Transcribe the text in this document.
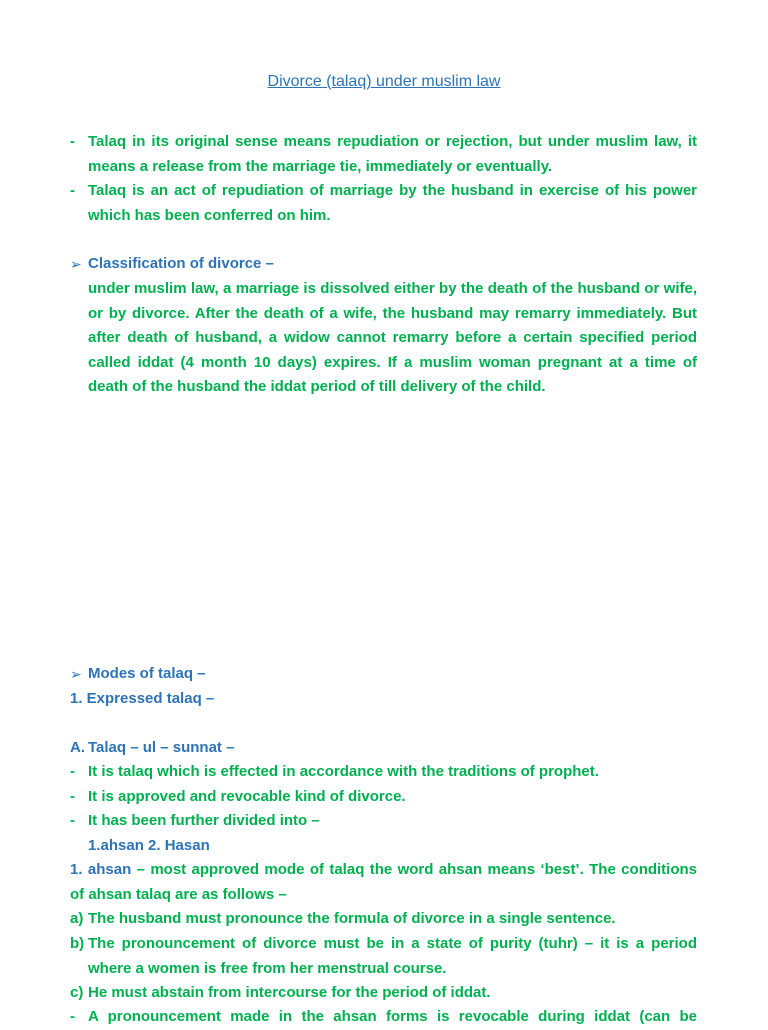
Divorce (talaq) under muslim law
- Talaq in its original sense means repudiation or rejection, but under muslim law, it means a release from the marriage tie, immediately or eventually.
- Talaq is an act of repudiation of marriage by the husband in exercise of his power which has been conferred on him.
➢ Classification of divorce –
under muslim law, a marriage is dissolved either by the death of the husband or wife, or by divorce. After the death of a wife, the husband may remarry immediately. But after death of husband, a widow cannot remarry before a certain specified period called iddat (4 month 10 days) expires. If a muslim woman pregnant at a time of death of the husband the iddat period of till delivery of the child.
➢ Modes of talaq –
1. Expressed talaq –
A. Talaq – ul – sunnat –
- It is talaq which is effected in accordance with the traditions of prophet.
- It is approved and revocable kind of divorce.
- It has been further divided into –
1.ahsan 2. Hasan
1. ahsan – most approved mode of talaq the word ahsan means ‘best’. The conditions of ahsan talaq are as follows –
a) The husband must pronounce the formula of divorce in a single sentence.
b) The pronouncement of divorce must be in a state of purity (tuhr) – it is a period where a women is free from her menstrual course.
c) He must abstain from intercourse for the period of iddat.
- A pronouncement made in the ahsan forms is revocable during iddat (can be
